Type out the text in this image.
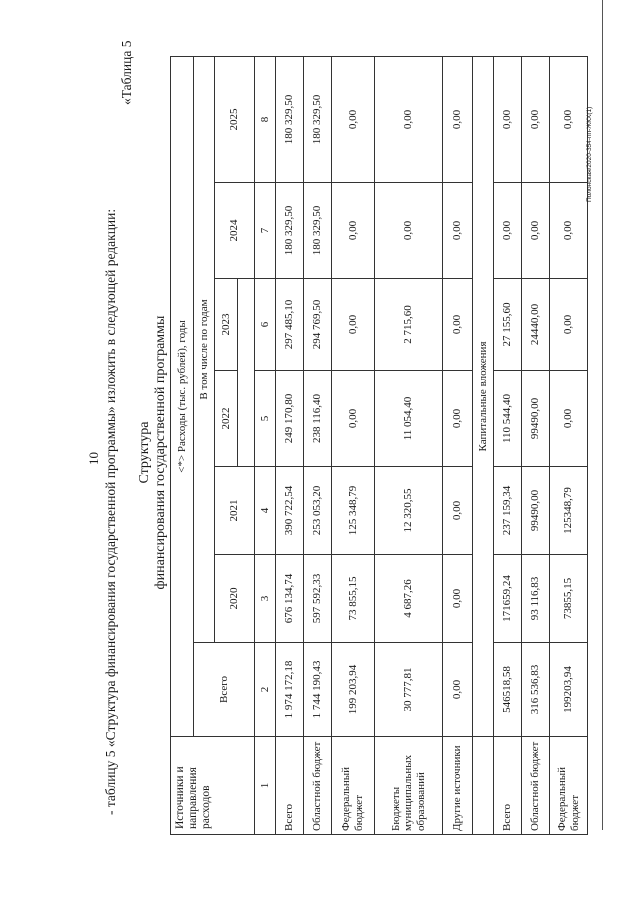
10 - таблицу 5 «Структура финансирования государственной программы» изложить в следующей редакции:
«Таблица 5
Структура финансирования государственной программы
Источники и направления расходов	<*> Расходы (тыс. рублей), годы						
	Всего	В том числе по годам					
		2020	2021	2022	2023	2024	2025

1	2	3	4	5	6	7	8
Всего	1 974 172,18	676 134,74	390 722,54	249 170,80	297 485,10	180 329,50	180 329,50
Областной бюджет	1 744 190,43	597 592,33	253 053,20	238 116,40	294 769,50	180 329,50	180 329,50
Федеральный бюджет	199 203,94	73 855,15	125 348,79	0,00	0,00	0,00	0,00
Бюджеты муниципальных образований	30 777,81	4 687,26	12 320,55	11 054,40	2 715,60	0,00	0,00
Другие источники	0,00	0,00	0,00	0,00	0,00	0,00	0,00
	Капитальные вложения						
Всего	546518,58	171659,24	237 159,34	110 544,40	27 155,60	0,00	0,00
Областной бюджет	316 536,83	93 116,83	99490,00	99490,00	24440,00	0,00	0,00
Федеральный бюджет	199203,94	73855,15	125348,79	0,00	0,00	0,00	0,00 Полонская/2020-354-пп-ЖКХ(1)
